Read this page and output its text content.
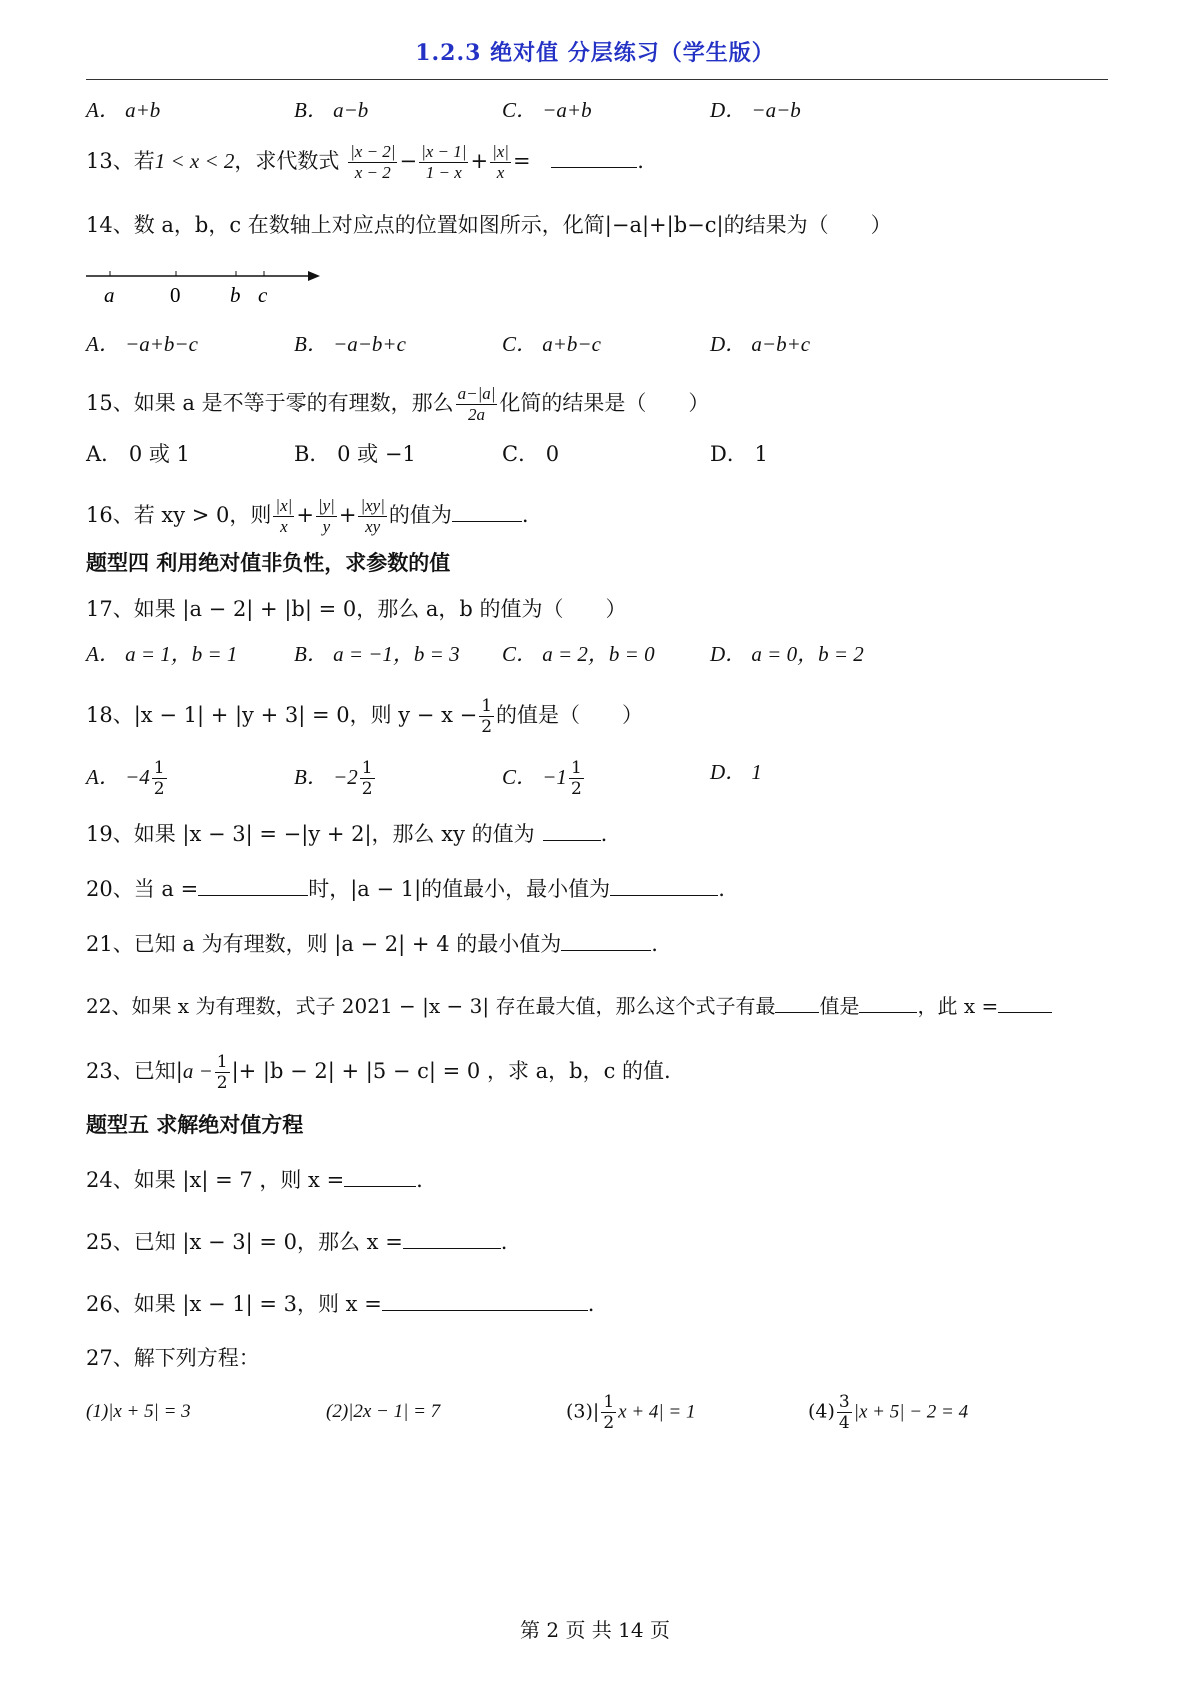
1.2.3 绝对值 分层练习（学生版）
A． a+b	B． a−b	C． −a+b	D． −a−b
13、若1 < x < 2，求代数式 $\frac{|x - 2|}{x - 2} - \frac{|x - 1|}{1 - x} + \frac{|x|}{x}$ =	.
14、数 a，b，c 在数轴上对应点的位置如图所示，化简|−a|+|b−c|的结果为（　　）
a	0 b c
A． −a+b−c	B． −a−b+c	C． a+b−c	D． a−b+c
15、如果 a 是不等于零的有理数，那么 $\frac{a-|a|}{2a}$ 化简的结果是（　　）
A． 0 或 1	B． 0 或 −1	C． 0	D． 1
16、若 xy > 0，则 $\frac{|x|}{x} + \frac{|y|}{y} + \frac{|xy|}{xy}$ 的值为	.
题型四 利用绝对值非负性，求参数的值
17、如果 |a − 2| + |b| = 0，那么 a，b 的值为（　　）
A． a = 1，b = 1	B． a = −1，b = 3 C． a = 2，b = 0	D． a = 0，b = 2
18、|x − 1| + |y + 3| = 0，则 $y - x - \frac{1}{2}$ 的值是（　　）
A． $-4 \frac{1}{2}$	B． $-2 \frac{1}{2}$	C． $-1 \frac{1}{2}$	D． 1
19、如果 |x − 3| = −|y + 2|，那么 xy 的值为	.
20、当 a =	时，|a − 1|的值最小，最小值为	.
21、已知 a 为有理数，则 |a − 2| + 4 的最小值为	.
22、如果 x 为有理数，式子 2021 − |x − 3| 存在最大值，那么这个式子有最 值是	，此 x =
23、已知$|a - \frac{1}{2}$ |+ |b − 2| + |5 − c| = 0 ，求 a，b，c 的值.
题型五 求解绝对值方程
24、如果 |x| = 7 ，则 x =	.
25、已知 |x − 3| = 0，那么 x =	.
26、如果 |x − 1| = 3，则 x =	.
27、解下列方程：
(1)|x + 5| = 3	(2)|2x − 1| = 7	$(3)| \frac{1}{2}$ x + 4| = 1	$(4) \frac{3}{4} |x + 5| - 2 = 4$
第 2 页 共 14 页
